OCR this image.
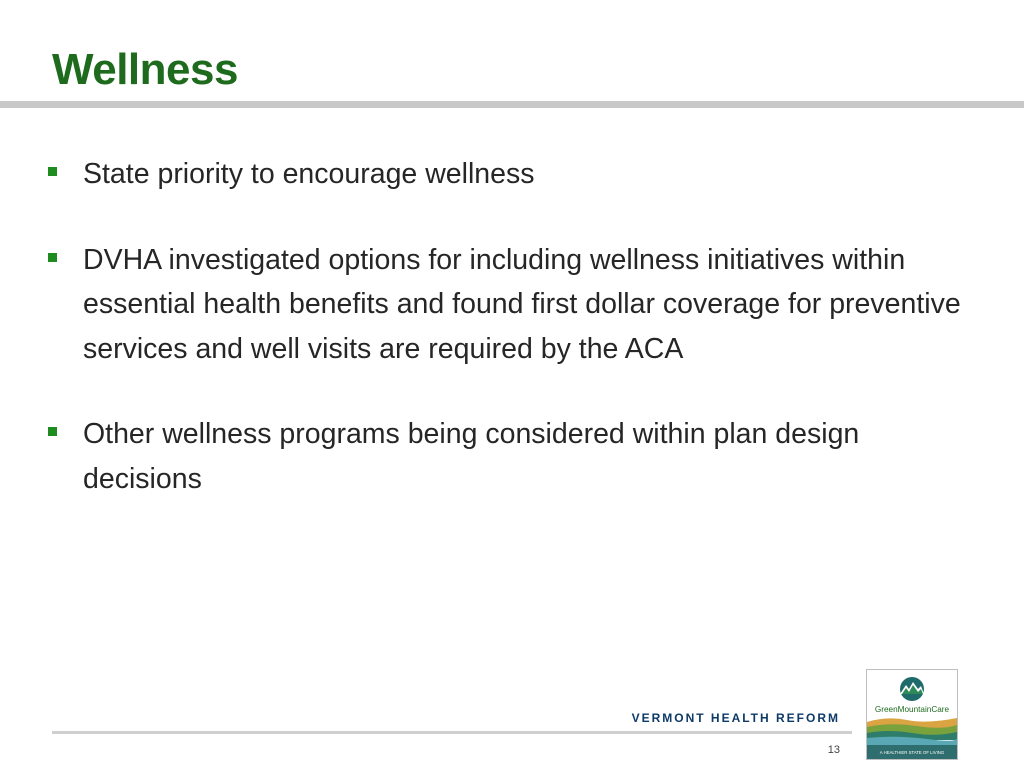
Wellness
State priority to encourage wellness
DVHA investigated options for including wellness initiatives within essential health benefits and found first dollar coverage for preventive services and well visits are required by the ACA
Other wellness programs being considered within plan design decisions
VERMONT HEALTH REFORM
13
GreenMountainCare
A HEALTHIER STATE OF LIVING
